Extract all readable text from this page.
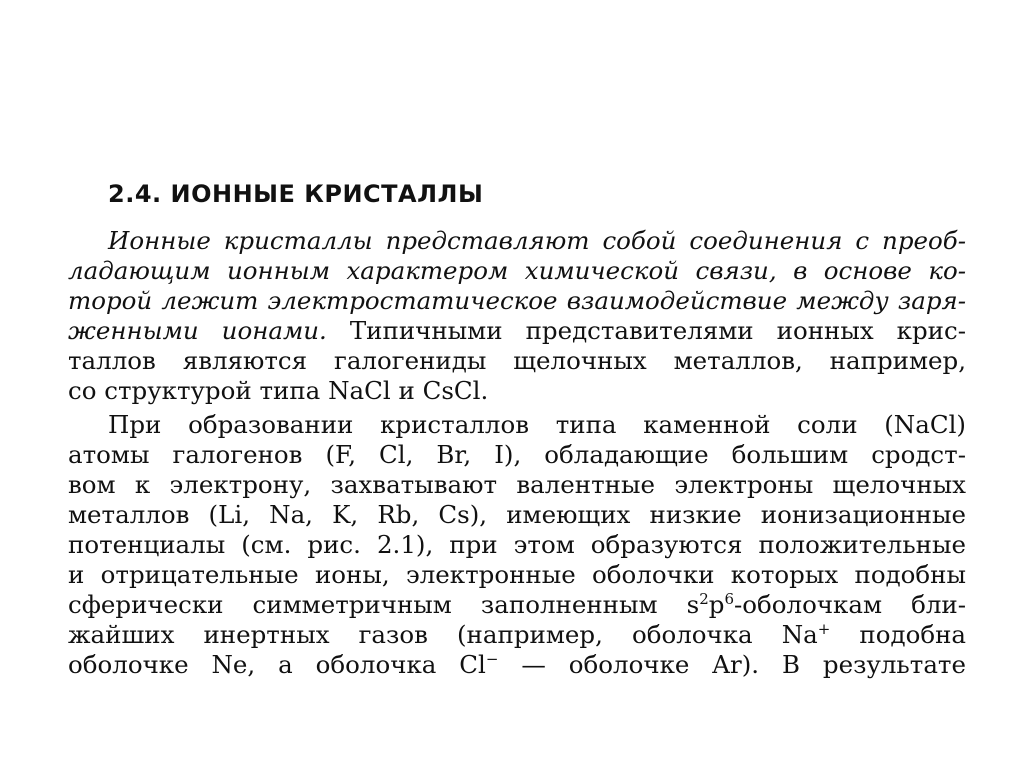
2.4. ИОННЫЕ КРИСТАЛЛЫ
Ионные кристаллы представляют собой соединения с преоб-
ладающим ионным характером химической связи, в основе ко-
торой лежит электростатическое взаимодействие между заря-
женными ионами. Типичными представителями ионных крис-
таллов являются галогениды щелочных металлов, например,
со структурой типа NaCl и CsCl.
При образовании кристаллов типа каменной соли (NaCl)
атомы галогенов (F, Cl, Br, I), обладающие большим сродст-
вом к электрону, захватывают валентные электроны щелочных
металлов (Li, Na, K, Rb, Cs), имеющих низкие ионизационные
потенциалы (см. рис. 2.1), при этом образуются положительные
и отрицательные ионы, электронные оболочки которых подобны
сферически симметричным заполненным $s^2p^6$-оболочкам бли-
жайших инертных газов (например, оболочка Na+ подобна
оболочке Ne, а оболочка Cl− — оболочке Ar). В результате
